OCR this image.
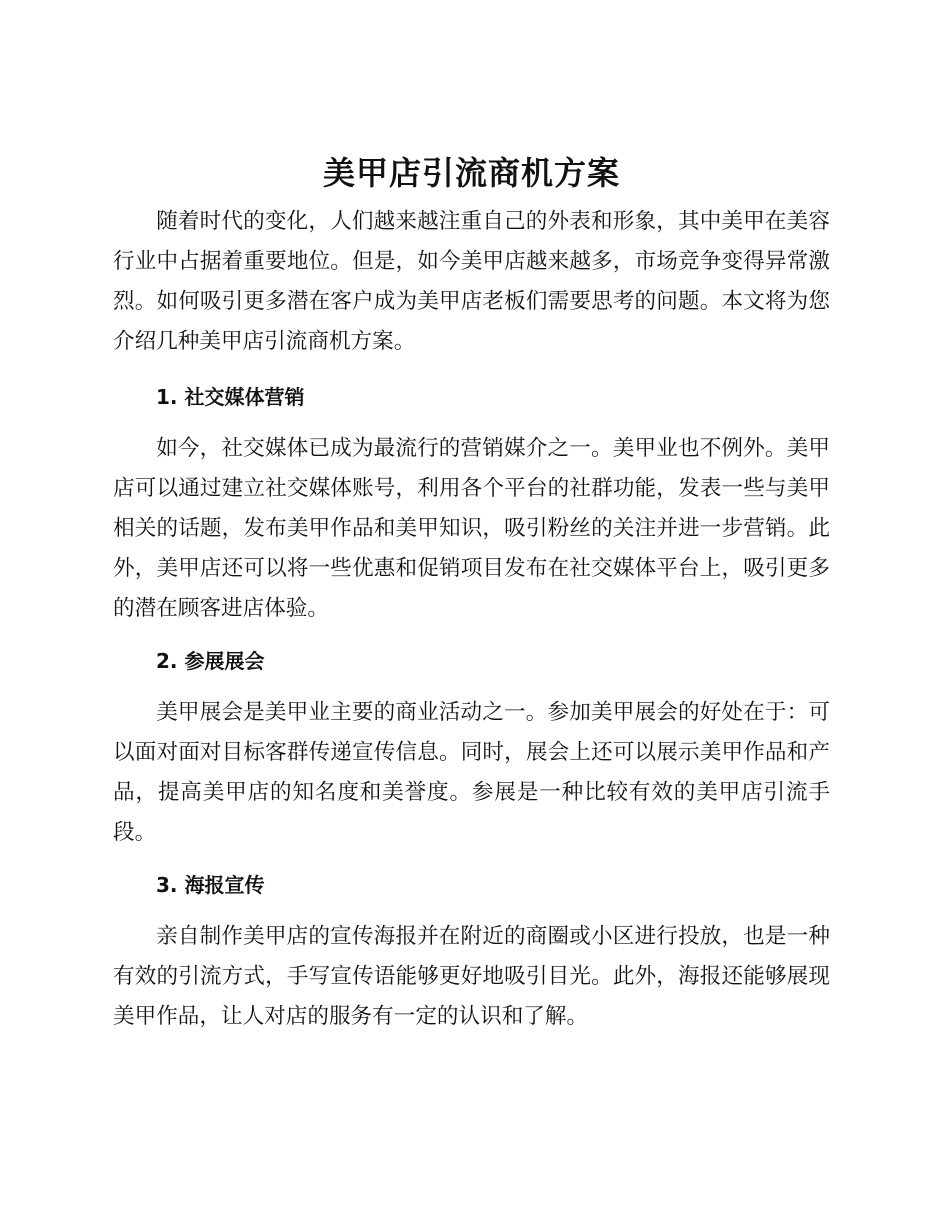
美甲店引流商机方案

随着时代的变化，人们越来越注重自己的外表和形象，其中美甲在美容行业中占据着重要地位。但是，如今美甲店越来越多，市场竞争变得异常激烈。如何吸引更多潜在客户成为美甲店老板们需要思考的问题。本文将为您介绍几种美甲店引流商机方案。

1. 社交媒体营销

如今，社交媒体已成为最流行的营销媒介之一。美甲业也不例外。美甲店可以通过建立社交媒体账号，利用各个平台的社群功能，发表一些与美甲相关的话题，发布美甲作品和美甲知识，吸引粉丝的关注并进一步营销。此外，美甲店还可以将一些优惠和促销项目发布在社交媒体平台上，吸引更多的潜在顾客进店体验。

2. 参展展会

美甲展会是美甲业主要的商业活动之一。参加美甲展会的好处在于：可以面对面对目标客群传递宣传信息。同时，展会上还可以展示美甲作品和产品，提高美甲店的知名度和美誉度。参展是一种比较有效的美甲店引流手段。

3. 海报宣传

亲自制作美甲店的宣传海报并在附近的商圈或小区进行投放，也是一种有效的引流方式，手写宣传语能够更好地吸引目光。此外，海报还能够展现美甲作品，让人对店的服务有一定的认识和了解。
